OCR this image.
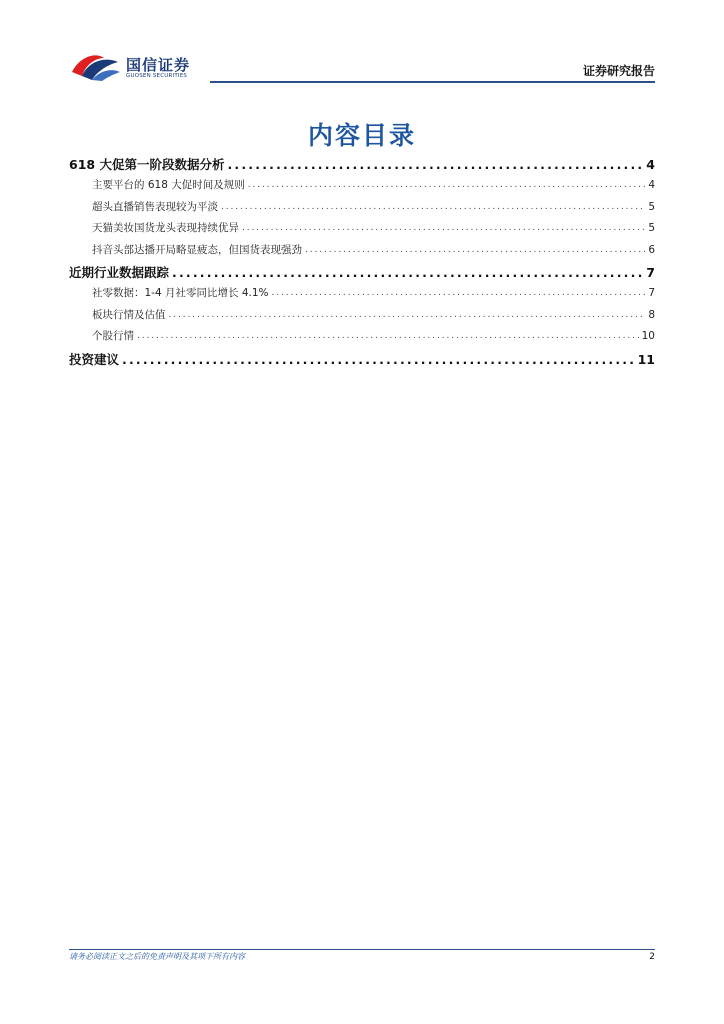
国信证券
GUOSEN SECURITIES	证券研究报告
内容目录
618 大促第一阶段数据分析 .....	4
主要平台的 618 大促时间及规则 .....	4
超头直播销售表现较为平淡 .....	5
天猫美妆国货龙头表现持续优异 .....	5
抖音头部达播开局略显疲态，但国货表现强劲 .....	6
近期行业数据跟踪 .....	7
社零数据：1-4 月社零同比增长 4.1% .....	7
板块行情及估值 .....	8
个股行情 .....	10
投资建议 .....	11
请务必阅读正文之后的免责声明及其项下所有内容	2
